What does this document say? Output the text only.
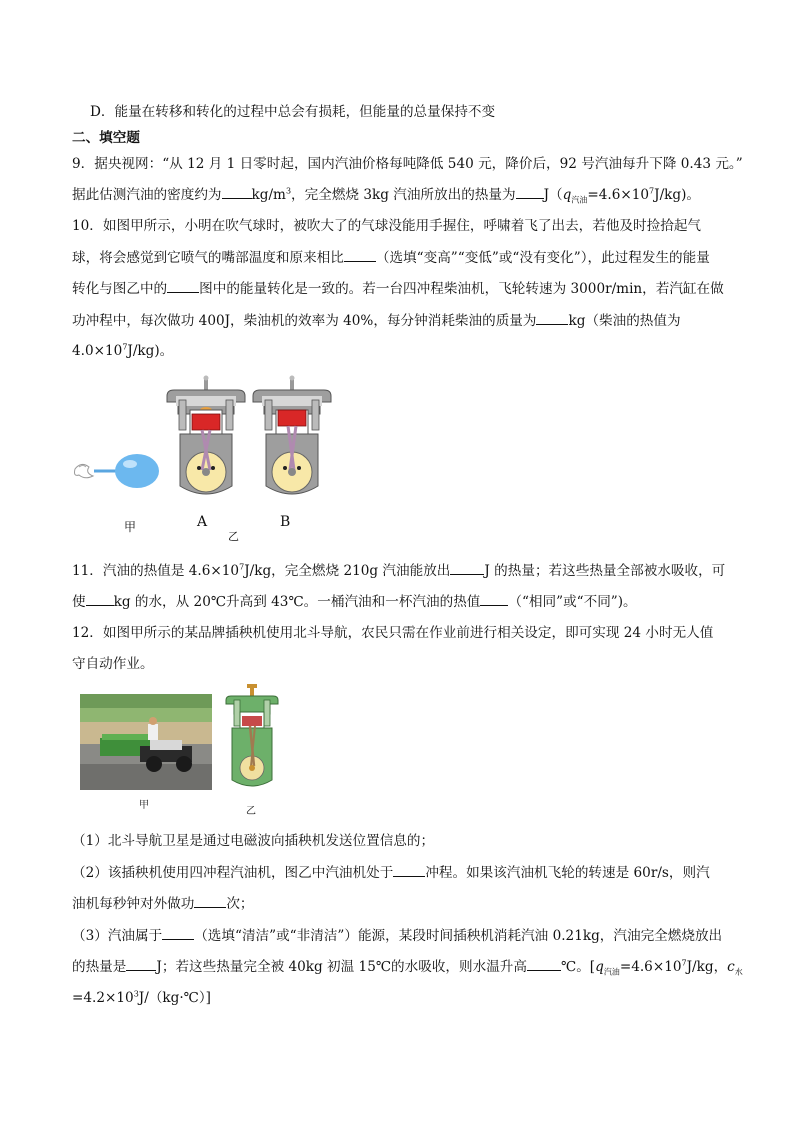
D．能量在转移和转化的过程中总会有损耗，但能量的总量保持不变
二、填空题
9．据央视网：“从 12 月 1 日零时起，国内汽油价格每吨降低 540 元，降价后，92 号汽油每升下降 0.43 元。”
据此估测汽油的密度约为 $kg/m^3$，完全燃烧 3kg 汽油所放出的热量为 $J(q_{汽油}=4.6\times 10^7J/kg)$。
10．如图甲所示，小明在吹气球时，被吹大了的气球没能用手握住，呼啸着飞了出去，若他及时捡拾起气
球，将会感觉到它喷气的嘴部温度和原来相比 （选填“变高”“变低”或“没有变化”），此过程发生的能量
转化与图乙中的 图中的能量转化是一致的。若一台四冲程柴油机，飞轮转速为 3000r/min，若汽缸在做
功冲程中，每次做功 400J，柴油机的效率为 40%，每分钟消耗柴油的质量为 kg（柴油的热值为
$4.0\times 10^7J/kg$)。
甲	A
乙
B
11．汽油的热值是 $4.6\times 10^7J/kg$，完全燃烧 210g 汽油能放出	J 的热量；若这些热量全部被水吸收，可
使 kg 的水，从 20℃升高到 43℃。一桶汽油和一杯汽油的热值 （“相同”或“不同”)。
12．如图甲所示的某品牌插秧机使用北斗导航，农民只需在作业前进行相关设定，即可实现 24 小时无人值
守自动作业。
甲
乙
（1）北斗导航卫星是通过电磁波向插秧机发送位置信息的；
（2）该插秧机使用四冲程汽油机，图乙中汽油机处于 冲程。如果该汽油机飞轮的转速是 60r/s，则汽
油机每秒钟对外做功 次；
（3）汽油属于 （选填“清洁”或“非清洁”）能源，某段时间插秧机消耗汽油 0.21kg，汽油完全燃烧放出
的热量是 J；若这些热量完全被 40kg 初温 15℃的水吸收，则水温升高	℃。[$q_{汽油}=4.6\times 10^7J/kg$，$c_水$
$=4.2\times 10^3J/(kg\cdot℃)$]
